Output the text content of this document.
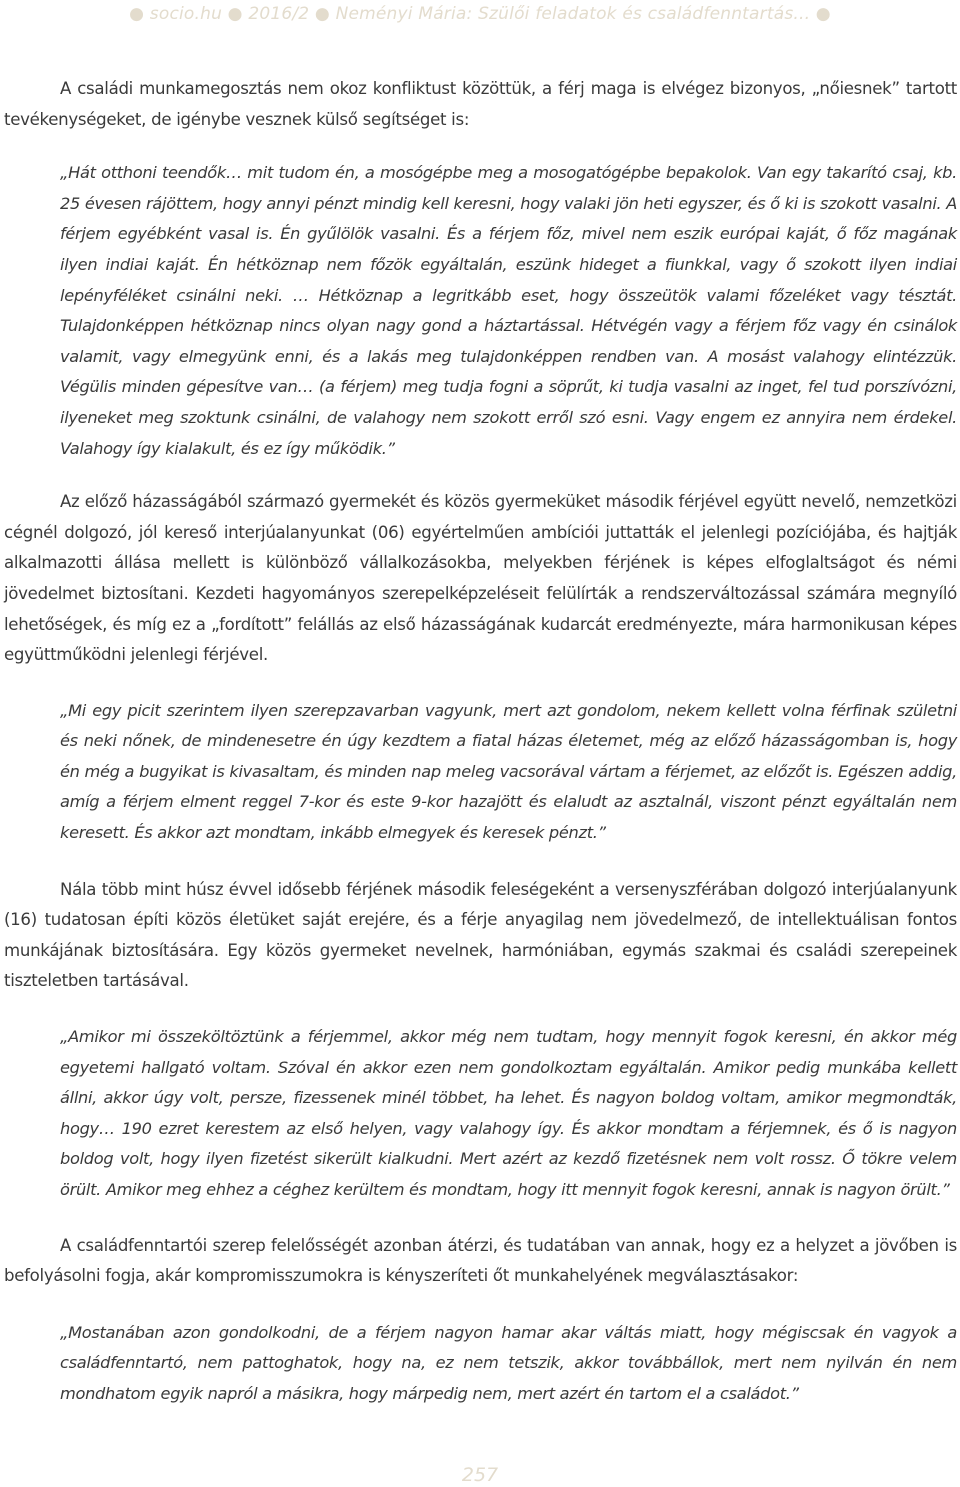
● socio.hu ● 2016/2 ● Neményi Mária: Szülői feladatok és családfenntartás... ●

A családi munkamegosztás nem okoz konfliktust közöttük, a férj maga is elvégez bizonyos, „nőiesnek” tartott tevékenységeket, de igénybe vesznek külső segítséget is:

„Hát otthoni teendők… mit tudom én, a mosógépbe meg a mosogatógépbe bepakolok. Van egy takarító csaj, kb. 25 évesen rájöttem, hogy annyi pénzt mindig kell keresni, hogy valaki jön heti egyszer, és ő ki is szokott vasalni. A férjem egyébként vasal is. Én gyűlölök vasalni. És a férjem főz, mivel nem eszik európai kaját, ő főz magának ilyen indiai kaját. Én hétköznap nem főzök egyáltalán, eszünk hideget a fiunkkal, vagy ő szokott ilyen indiai lepényféléket csinálni neki. … Hétköznap a legritkább eset, hogy összeütök valami főzeléket vagy tésztát. Tulajdonképpen hétköznap nincs olyan nagy gond a háztartással. Hétvégén vagy a férjem főz vagy én csinálok valamit, vagy elmegyünk enni, és a lakás meg tulajdonképpen rendben van. A mosást valahogy elintézzük. Végülis minden gépesítve van… (a férjem) meg tudja fogni a söprűt, ki tudja vasalni az inget, fel tud porszívózni, ilyeneket meg szoktunk csinálni, de valahogy nem szokott erről szó esni. Vagy engem ez annyira nem érdekel. Valahogy így kialakult, és ez így működik.”

Az előző házasságából származó gyermekét és közös gyermeküket második férjével együtt nevelő, nemzetközi cégnél dolgozó, jól kereső interjúalanyunkat (06) egyértelműen ambíciói juttatták el jelenlegi pozíciójába, és hajtják alkalmazotti állása mellett is különböző vállalkozásokba, melyekben férjének is képes elfoglaltságot és némi jövedelmet biztosítani. Kezdeti hagyományos szerepelképzeléseit felülírták a rendszerváltozással számára megnyíló lehetőségek, és míg ez a „fordított” felállás az első házasságának kudarcát eredményezte, mára harmonikusan képes együttműködni jelenlegi férjével.

„Mi egy picit szerintem ilyen szerepzavarban vagyunk, mert azt gondolom, nekem kellett volna férfinak születni és neki nőnek, de mindenesetre én úgy kezdtem a fiatal házas életemet, még az előző házasságomban is, hogy én még a bugyikat is kivasaltam, és minden nap meleg vacsorával vártam a férjemet, az előzőt is. Egészen addig, amíg a férjem elment reggel 7-kor és este 9-kor hazajött és elaludt az asztalnál, viszont pénzt egyáltalán nem keresett. És akkor azt mondtam, inkább elmegyek és keresek pénzt.”

Nála több mint húsz évvel idősebb férjének második feleségeként a versenyszférában dolgozó interjúalanyunk (16) tudatosan építi közös életüket saját erejére, és a férje anyagilag nem jövedelmező, de intellektuálisan fontos munkájának biztosítására. Egy közös gyermeket nevelnek, harmóniában, egymás szakmai és családi szerepeinek tiszteletben tartásával.

„Amikor mi összeköltöztünk a férjemmel, akkor még nem tudtam, hogy mennyit fogok keresni, én akkor még egyetemi hallgató voltam. Szóval én akkor ezen nem gondolkoztam egyáltalán. Amikor pedig munkába kellett állni, akkor úgy volt, persze, fizessenek minél többet, ha lehet. És nagyon boldog voltam, amikor megmondták, hogy… 190 ezret kerestem az első helyen, vagy valahogy így. És akkor mondtam a férjemnek, és ő is nagyon boldog volt, hogy ilyen fizetést sikerült kialkudni. Mert azért az kezdő fizetésnek nem volt rossz. Ő tökre velem örült. Amikor meg ehhez a céghez kerültem és mondtam, hogy itt mennyit fogok keresni, annak is nagyon örült.”

A családfenntartói szerep felelősségét azonban átérzi, és tudatában van annak, hogy ez a helyzet a jövőben is befolyásolni fogja, akár kompromisszumokra is kényszeríteti őt munkahelyének megválasztásakor:

„Mostanában azon gondolkodni, de a férjem nagyon hamar akar váltás miatt, hogy mégiscsak én vagyok a családfenntartó, nem pattoghatok, hogy na, ez nem tetszik, akkor továbbállok, mert nem nyilván én nem mondhatom egyik napról a másikra, hogy márpedig nem, mert azért én tartom el a családot.”

257
